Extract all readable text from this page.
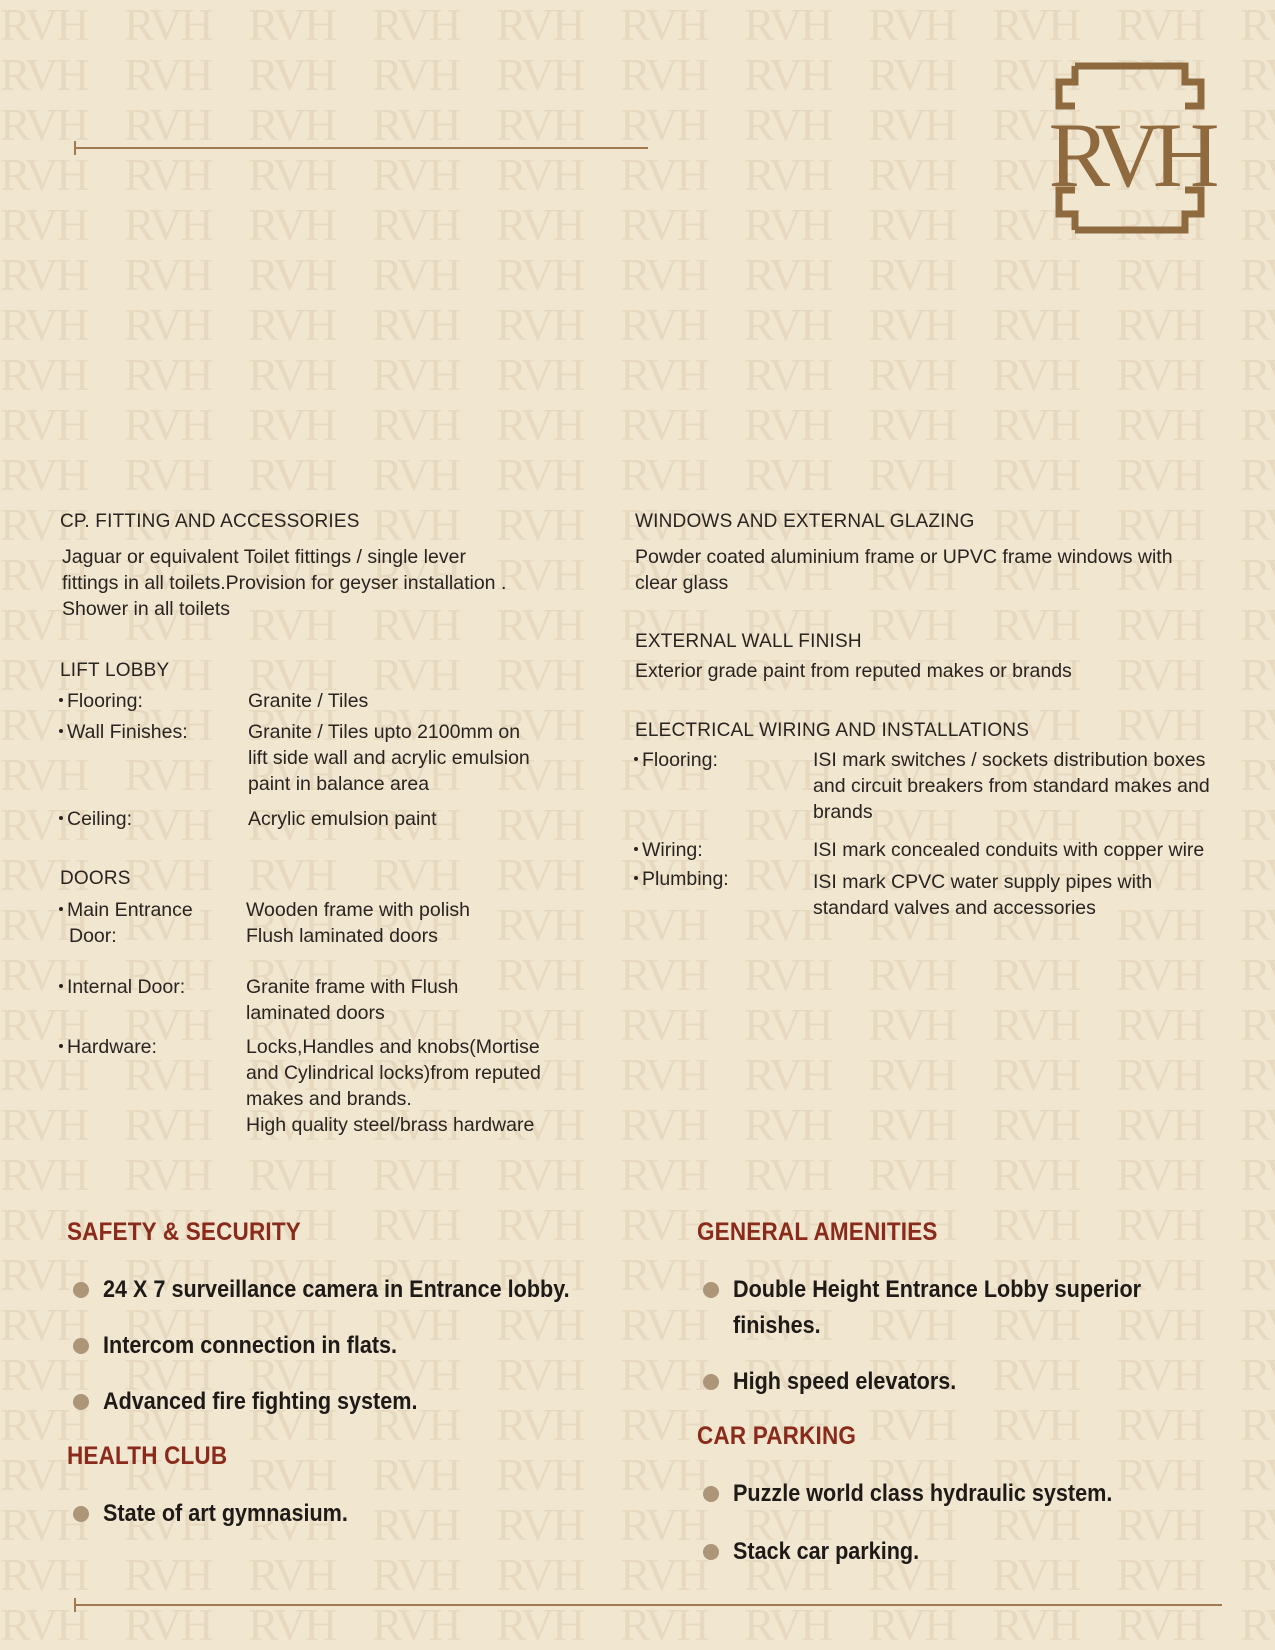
RVH
CP. FITTING AND ACCESSORIES
Jaguar or equivalent Toilet fittings / single lever
fittings in all toilets.Provision for geyser installation .
Shower in all toilets
LIFT LOBBY
Flooring:	Granite / Tiles
Wall Finishes:	Granite / Tiles upto 2100mm on
lift side wall and acrylic emulsion
paint in balance area
Ceiling:	Acrylic emulsion paint
DOORS
Main Entrance
Door:
Wooden frame with polish
Flush laminated doors
Internal Door:	Granite frame with Flush
laminated doors
Hardware:	Locks,Handles and knobs(Mortise
and Cylindrical locks)from reputed
makes and brands.
High quality steel/brass hardware
WINDOWS AND EXTERNAL GLAZING
Powder coated aluminium frame or UPVC frame windows with
clear glass
EXTERNAL WALL FINISH
Exterior grade paint from reputed makes or brands
ELECTRICAL WIRING AND INSTALLATIONS
Flooring:	ISI mark switches / sockets distribution boxes
and circuit breakers from standard makes and
brands
Wiring:	ISI mark concealed conduits with copper wire
Plumbing:	ISI mark CPVC water supply pipes with
standard valves and accessories
SAFETY & SECURITY
24 X 7 surveillance camera in Entrance lobby.
Intercom connection in flats.
Advanced fire fighting system.
HEALTH CLUB
State of art gymnasium.
GENERAL AMENITIES
Double Height Entrance Lobby superior
finishes.
High speed elevators.
CAR PARKING
Puzzle world class hydraulic system.
Stack car parking.
